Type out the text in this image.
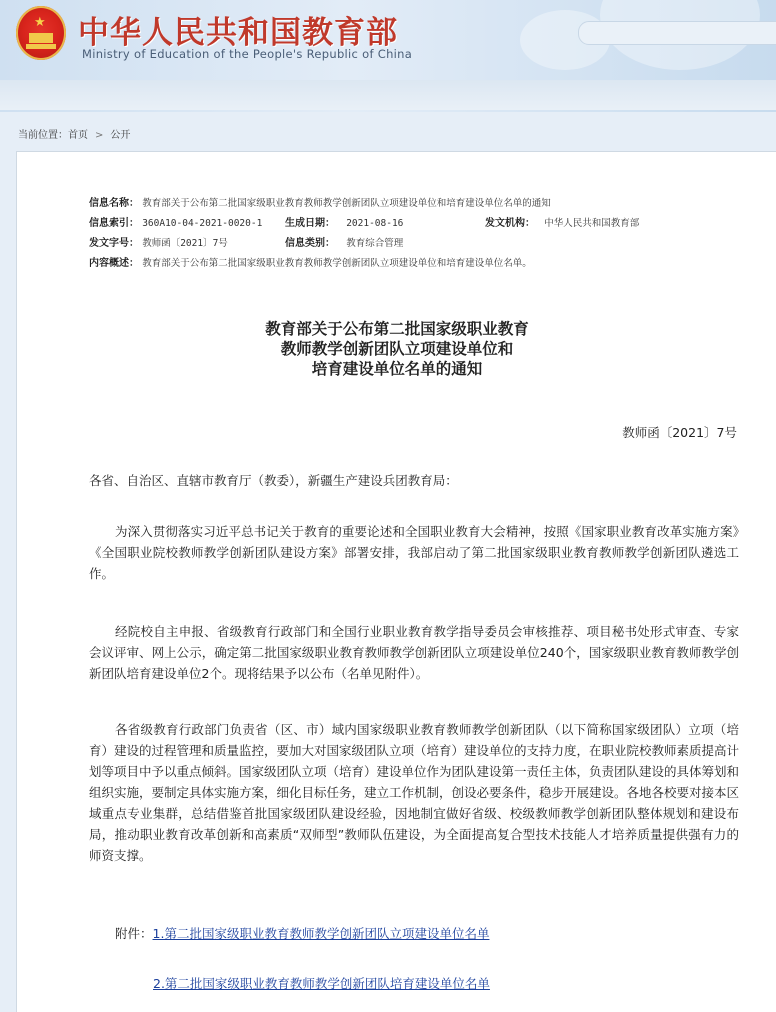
★ 中华人民共和国教育部
Ministry of Education of the People's Republic of China
当前位置：首页 > 公开
信息名称： 教育部关于公布第二批国家级职业教育教师教学创新团队立项建设单位和培育建设单位名单的通知
信息索引： 360A10-04-2021-0020-1 生成日期： 2021-08-16	发文机构： 中华人民共和国教育部
发文字号： 教师函〔2021〕7号	信息类别： 教育综合管理
内容概述： 教育部关于公布第二批国家级职业教育教师教学创新团队立项建设单位和培育建设单位名单。
教育部关于公布第二批国家级职业教育
教师教学创新团队立项建设单位和
培育建设单位名单的通知
教师函〔2021〕7号
各省、自治区、直辖市教育厅（教委），新疆生产建设兵团教育局：
为深入贯彻落实习近平总书记关于教育的重要论述和全国职业教育大会精神，按照《国家职业教育改革实施方案》《全国职业院校教师教学创新团队建设方案》部署安排，我部启动了第二批国家级职业教育教师教学创新团队遴选工作。
经院校自主申报、省级教育行政部门和全国行业职业教育教学指导委员会审核推荐、项目秘书处形式审查、专家会议评审、网上公示，确定第二批国家级职业教育教师教学创新团队立项建设单位240个，国家级职业教育教师教学创新团队培育建设单位2个。现将结果予以公布（名单见附件）。
各省级教育行政部门负责省（区、市）域内国家级职业教育教师教学创新团队（以下简称国家级团队）立项（培育）建设的过程管理和质量监控，要加大对国家级团队立项（培育）建设单位的支持力度，在职业院校教师素质提高计划等项目中予以重点倾斜。国家级团队立项（培育）建设单位作为团队建设第一责任主体，负责团队建设的具体筹划和组织实施，要制定具体实施方案，细化目标任务，建立工作机制，创设必要条件，稳步开展建设。各地各校要对接本区域重点专业集群，总结借鉴首批国家级团队建设经验，因地制宜做好省级、校级教师教学创新团队整体规划和建设布局，推动职业教育改革创新和高素质“双师型”教师队伍建设，为全面提高复合型技术技能人才培养质量提供强有力的师资支撑。
附件：1.第二批国家级职业教育教师教学创新团队立项建设单位名单
2.第二批国家级职业教育教师教学创新团队培育建设单位名单
